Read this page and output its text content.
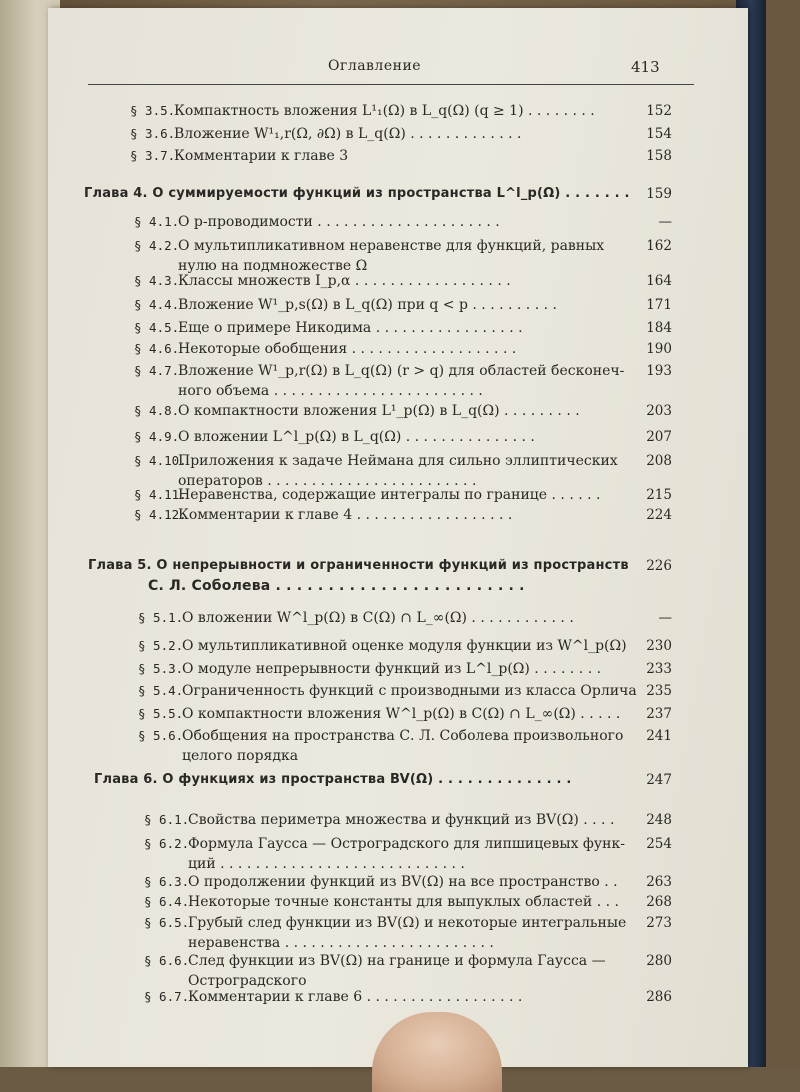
Оглавление	413
§ 3.5.
Компактность вложения L¹₁(Ω) в L_q(Ω) (q ≥ 1) . . . . . . . .	152
§ 3.6.
Вложение W¹₁,r(Ω, ∂Ω) в L_q(Ω) . . . . . . . . . . . . .	154
§ 3.7.
Комментарии к главе 3	158
Глава 4. О суммируемости функций из пространства L^l_p(Ω) . . . . . . . 159
§ 4.1.
О p-проводимости . . . . . . . . . . . . . . . . . . . . .	—
§ 4.2.
О мультипликативном неравенстве для функций, равных
нулю на подмножестве Ω
162
§ 4.3.
Классы множеств I_p,α . . . . . . . . . . . . . . . . . .	164
§ 4.4.
Вложение W¹_p,s(Ω) в L_q(Ω) при q < p . . . . . . . . . .	171
§ 4.5.
Еще о примере Никодима . . . . . . . . . . . . . . . . .	184
§ 4.6.
Некоторые обобщения . . . . . . . . . . . . . . . . . . .	190
§ 4.7.
Вложение W¹_p,r(Ω) в L_q(Ω) (r > q) для областей бесконеч-
ного объема . . . . . . . . . . . . . . . . . . . . . . . .
193
§ 4.8.
О компактности вложения L¹_p(Ω) в L_q(Ω) . . . . . . . . .	203
§ 4.9.
О вложении L^l_p(Ω) в L_q(Ω) . . . . . . . . . . . . . . .	207
§ 4.10.
Приложения к задаче Неймана для сильно эллиптических
операторов . . . . . . . . . . . . . . . . . . . . . . . .
208
§ 4.11.
Неравенства, содержащие интегралы по границе . . . . . .	215
§ 4.12.
Комментарии к главе 4 . . . . . . . . . . . . . . . . . .	224
Глава 5. О непрерывности и ограниченности функций из пространств
С. Л. Соболева . . . . . . . . . . . . . . . . . . . . . . . .
226
§ 5.1.
О вложении W^l_p(Ω) в C(Ω) ∩ L_∞(Ω) . . . . . . . . . . . .	—
§ 5.2.
О мультипликативной оценке модуля функции из W^l_p(Ω) 230
§ 5.3.
О модуле непрерывности функций из L^l_p(Ω) . . . . . . . .	233
§ 5.4.
Ограниченность функций с производными из класса Орлича 235
§ 5.5.
О компактности вложения W^l_p(Ω) в C(Ω) ∩ L_∞(Ω) . . . . . 237
§ 5.6.
Обобщения на пространства С. Л. Соболева произвольного
целого порядка
241
Глава 6. О функциях из пространства BV(Ω) . . . . . . . . . . . . . .	247
§ 6.1.
Свойства периметра множества и функций из BV(Ω) . . . . 248
§ 6.2.
Формула Гаусса — Остроградского для липшицевых функ-
ций . . . . . . . . . . . . . . . . . . . . . . . . . . . .
254
§ 6.3.
О продолжении функций из BV(Ω) на все пространство . . 263
§ 6.4.
Некоторые точные константы для выпуклых областей . . . 268
§ 6.5.
Грубый след функции из BV(Ω) и некоторые интегральные
неравенства . . . . . . . . . . . . . . . . . . . . . . . .
273
§ 6.6.
След функции из BV(Ω) на границе и формула Гаусса —
Остроградского
280
§ 6.7.
Комментарии к главе 6 . . . . . . . . . . . . . . . . . .	286
